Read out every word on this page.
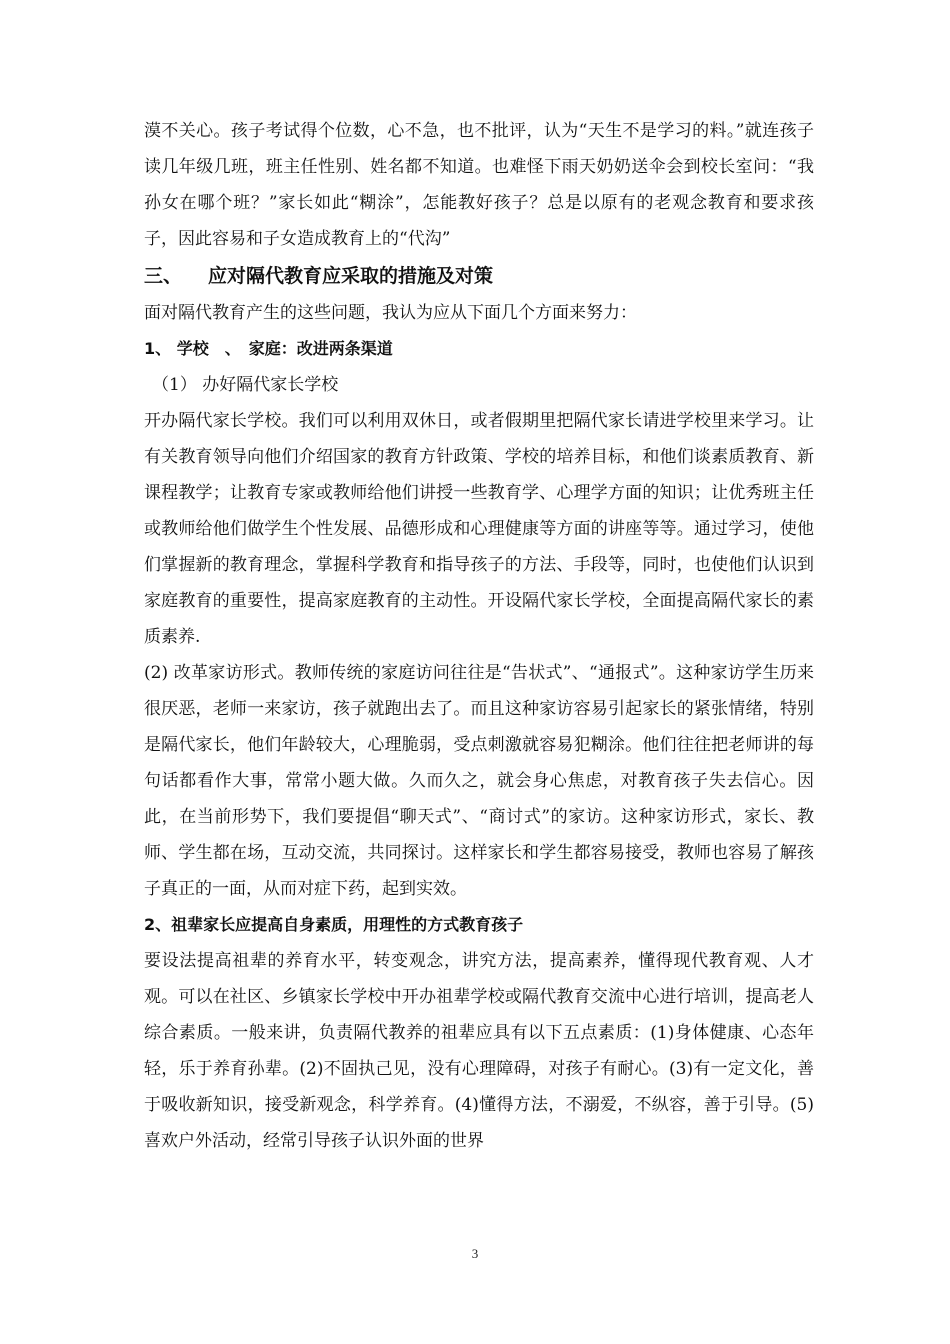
漠不关心。孩子考试得个位数，心不急，也不批评，认为“天生不是学习的料。”就连孩子读几年级几班，班主任性别、姓名都不知道。也难怪下雨天奶奶送伞会到校长室问：“我孙女在哪个班？”家长如此“糊涂”，怎能教好孩子？总是以原有的老观念教育和要求孩子，因此容易和子女造成教育上的“代沟”

三、 应对隔代教育应采取的措施及对策

面对隔代教育产生的这些问题，我认为应从下面几个方面来努力：

1、 学校　、　家庭：改进两条渠道

（1） 办好隔代家长学校

开办隔代家长学校。我们可以利用双休日，或者假期里把隔代家长请进学校里来学习。让有关教育领导向他们介绍国家的教育方针政策、学校的培养目标，和他们谈素质教育、新课程教学；让教育专家或教师给他们讲授一些教育学、心理学方面的知识；让优秀班主任或教师给他们做学生个性发展、品德形成和心理健康等方面的讲座等等。通过学习，使他们掌握新的教育理念，掌握科学教育和指导孩子的方法、手段等，同时，也使他们认识到家庭教育的重要性，提高家庭教育的主动性。开设隔代家长学校，全面提高隔代家长的素质素养.

(2) 改革家访形式。教师传统的家庭访问往往是“告状式”、“通报式”。这种家访学生历来很厌恶，老师一来家访，孩子就跑出去了。而且这种家访容易引起家长的紧张情绪，特别是隔代家长，他们年龄较大，心理脆弱，受点刺激就容易犯糊涂。他们往往把老师讲的每句话都看作大事，常常小题大做。久而久之，就会身心焦虑，对教育孩子失去信心。因此，在当前形势下，我们要提倡“聊天式”、“商讨式”的家访。这种家访形式，家长、教师、学生都在场，互动交流，共同探讨。这样家长和学生都容易接受，教师也容易了解孩子真正的一面，从而对症下药，起到实效。

2、祖辈家长应提高自身素质，用理性的方式教育孩子

要设法提高祖辈的养育水平，转变观念，讲究方法，提高素养，懂得现代教育观、人才观。可以在社区、乡镇家长学校中开办祖辈学校或隔代教育交流中心进行培训，提高老人综合素质。一般来讲，负责隔代教养的祖辈应具有以下五点素质：(1)身体健康、心态年轻，乐于养育孙辈。(2)不固执己见，没有心理障碍，对孩子有耐心。(3)有一定文化，善于吸收新知识，接受新观念，科学养育。(4)懂得方法，不溺爱，不纵容，善于引导。(5)喜欢户外活动，经常引导孩子认识外面的世界

3
